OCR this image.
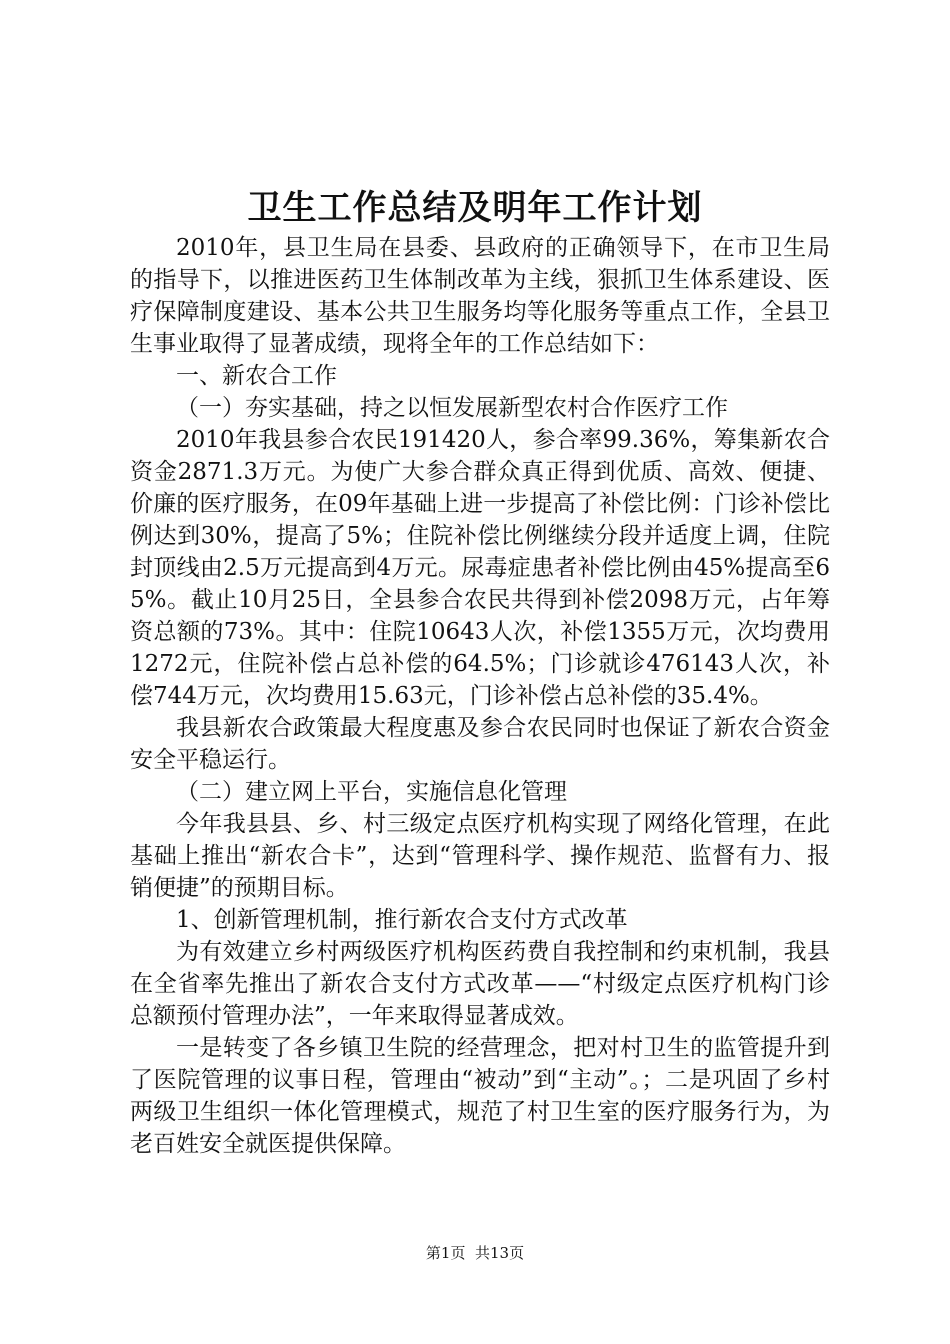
卫生工作总结及明年工作计划

2010年，县卫生局在县委、县政府的正确领导下，在市卫生局的指导下，以推进医药卫生体制改革为主线，狠抓卫生体系建设、医疗保障制度建设、基本公共卫生服务均等化服务等重点工作，全县卫生事业取得了显著成绩，现将全年的工作总结如下：

一、新农合工作

（一）夯实基础，持之以恒发展新型农村合作医疗工作

2010年我县参合农民191420人，参合率99.36%，筹集新农合资金2871.3万元。为使广大参合群众真正得到优质、高效、便捷、价廉的医疗服务，在09年基础上进一步提高了补偿比例：门诊补偿比例达到30%，提高了5%；住院补偿比例继续分段并适度上调，住院封顶线由2.5万元提高到4万元。尿毒症患者补偿比例由45%提高至65%。截止10月25日，全县参合农民共得到补偿2098万元，占年筹资总额的73%。其中：住院10643人次，补偿1355万元，次均费用1272元，住院补偿占总补偿的64.5%；门诊就诊476143人次，补偿744万元，次均费用15.63元，门诊补偿占总补偿的35.4%。

我县新农合政策最大程度惠及参合农民同时也保证了新农合资金安全平稳运行。

（二）建立网上平台，实施信息化管理

今年我县县、乡、村三级定点医疗机构实现了网络化管理，在此基础上推出“新农合卡”，达到“管理科学、操作规范、监督有力、报销便捷”的预期目标。

1、创新管理机制，推行新农合支付方式改革

为有效建立乡村两级医疗机构医药费自我控制和约束机制，我县在全省率先推出了新农合支付方式改革——“村级定点医疗机构门诊总额预付管理办法”，一年来取得显著成效。

一是转变了各乡镇卫生院的经营理念，把对村卫生的监管提升到了医院管理的议事日程，管理由“被动”到“主动”。；二是巩固了乡村两级卫生组织一体化管理模式，规范了村卫生室的医疗服务行为，为老百姓安全就医提供保障。

第1页 共13页
